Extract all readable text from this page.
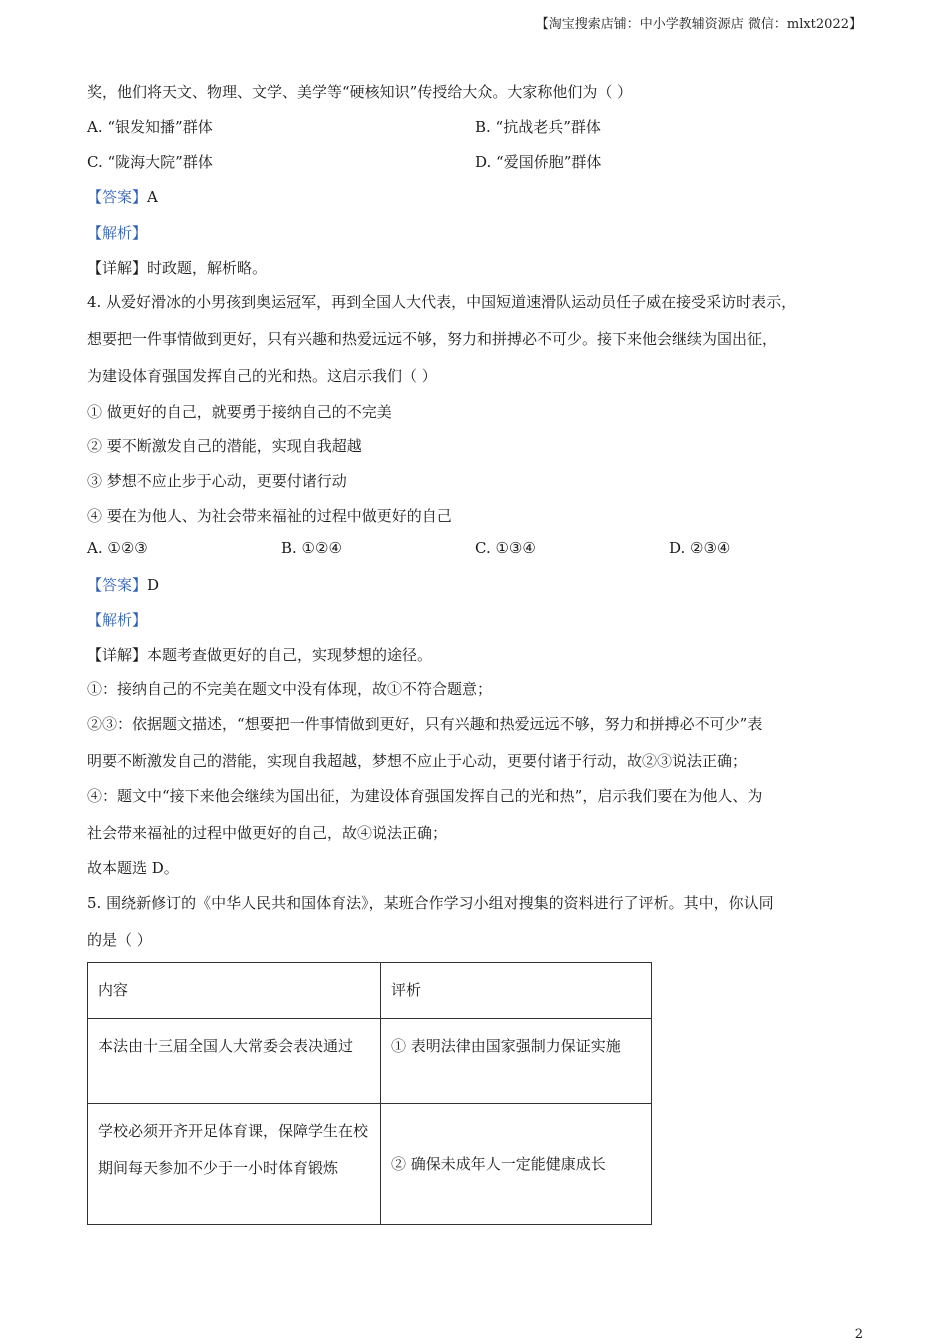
【淘宝搜索店铺：中小学教辅资源店 微信：mlxt2022】
奖，他们将天文、物理、文学、美学等“硬核知识”传授给大众。大家称他们为（ ）
A. “银发知播”群体	B. “抗战老兵”群体
C. “陇海大院”群体	D. “爱国侨胞”群体
【答案】A
【解析】
【详解】时政题，解析略。
4. 从爱好滑冰的小男孩到奥运冠军，再到全国人大代表，中国短道速滑队运动员任子威在接受采访时表示，
想要把一件事情做到更好，只有兴趣和热爱远远不够，努力和拼搏必不可少。接下来他会继续为国出征，
为建设体育强国发挥自己的光和热。这启示我们（ ）
① 做更好的自己，就要勇于接纳自己的不完美
② 要不断激发自己的潜能，实现自我超越
③ 梦想不应止步于心动，更要付诸行动
④ 要在为他人、为社会带来福祉的过程中做更好的自己
A. ①②③	B. ①②④	C. ①③④	D. ②③④
【答案】D
【解析】
【详解】本题考查做更好的自己，实现梦想的途径。
①：接纳自己的不完美在题文中没有体现，故①不符合题意；
②③：依据题文描述，“想要把一件事情做到更好，只有兴趣和热爱远远不够，努力和拼搏必不可少”表
明要不断激发自己的潜能，实现自我超越，梦想不应止于心动，更要付诸于行动，故②③说法正确；
④：题文中“接下来他会继续为国出征，为建设体育强国发挥自己的光和热”，启示我们要在为他人、为
社会带来福祉的过程中做更好的自己，故④说法正确；
故本题选 D。
5. 围绕新修订的《中华人民共和国体育法》，某班合作学习小组对搜集的资料进行了评析。其中，你认同
的是（ ）
内容	评析
本法由十三届全国人大常委会表决通过	① 表明法律由国家强制力保证实施
学校必须开齐开足体育课，保障学生在校期间每天参加不少于一小时体育锻炼	② 确保未成年人一定能健康成长
2
